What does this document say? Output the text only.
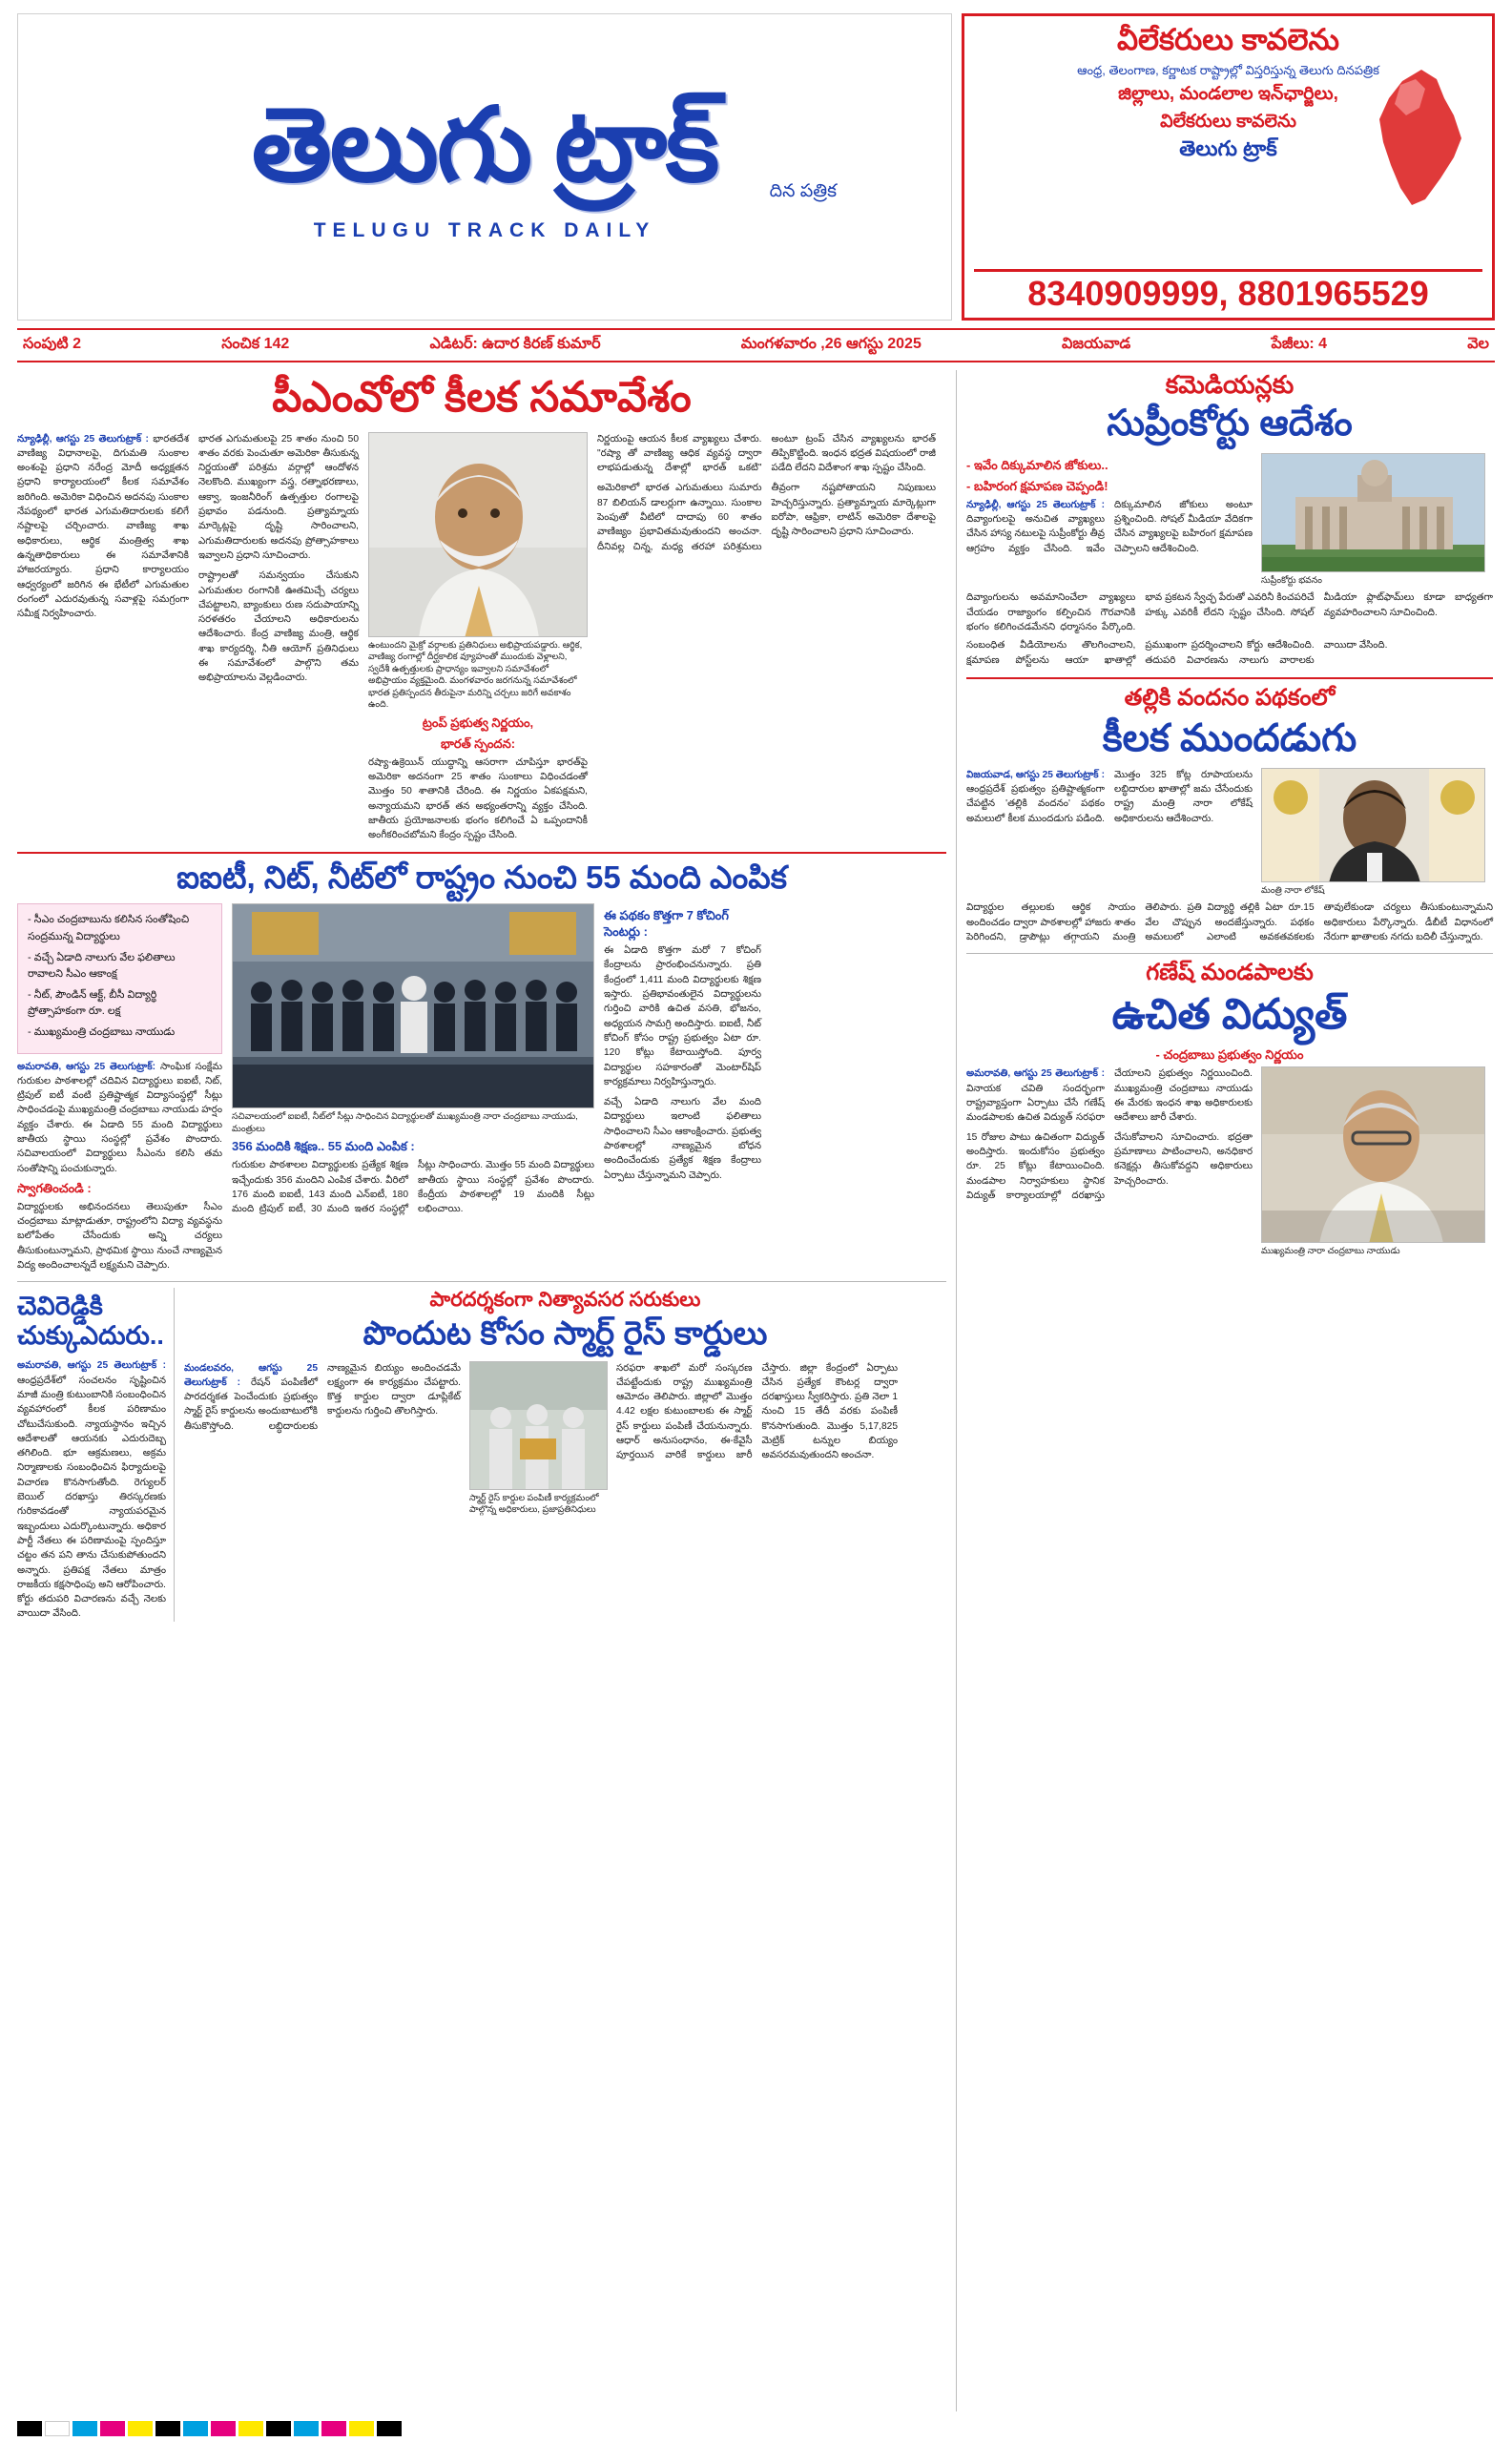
తెలుగు ట్రాక్	దిన పత్రిక
TELUGU TRACK DAILY
వీలేకరులు కావలెను
ఆంధ్ర, తెలంగాణ, కర్ణాటక రాష్ట్రాల్లో విస్తరిస్తున్న తెలుగు దినపత్రిక
జిల్లాలు, మండలాల ఇన్‌ఛార్జిలు,
విలేకరులు కావలెను
తెలుగు ట్రాక్
8340909999, 8801965529
సంపుటి 2	సంచిక 142	ఎడిటర్: ఉదార కిరణ్ కుమార్	మంగళవారం ,26 ఆగస్టు 2025	విజయవాడ	పేజీలు: 4	వెల
పీఎంవోలో కీలక సమావేశం
న్యూఢిల్లీ, ఆగస్టు 25 తెలుగుట్రాక్ : భారతదేశ వాణిజ్య విధానాలపై, దిగుమతి సుంకాల అంశంపై ప్రధాని నరేంద్ర మోదీ అధ్యక్షతన ప్రధాని కార్యాలయంలో కీలక సమావేశం జరిగింది. అమెరికా విధించిన అదనపు సుంకాల నేపథ్యంలో భారత ఎగుమతిదారులకు కలిగే నష్టాలపై చర్చించారు. వాణిజ్య శాఖ అధికారులు, ఆర్థిక మంత్రిత్వ శాఖ ఉన్నతాధికారులు ఈ సమావేశానికి హాజరయ్యారు. ప్రధాని కార్యాలయం ఆధ్వర్యంలో జరిగిన ఈ భేటీలో ఎగుమతుల రంగంలో ఎదురవుతున్న సవాళ్లపై సమగ్రంగా సమీక్ష నిర్వహించారు.
భారత ఎగుమతులపై 25 శాతం నుంచి 50 శాతం వరకు పెంచుతూ అమెరికా తీసుకున్న నిర్ణయంతో పరిశ్రమ వర్గాల్లో ఆందోళన నెలకొంది. ముఖ్యంగా వస్త్ర, రత్నాభరణాలు, ఆక్వా, ఇంజనీరింగ్ ఉత్పత్తుల రంగాలపై ప్రభావం పడనుంది. ప్రత్యామ్నాయ మార్కెట్లపై దృష్టి సారించాలని, ఎగుమతిదారులకు అదనపు ప్రోత్సాహకాలు ఇవ్వాలని ప్రధాని సూచించారు.
రాష్ట్రాలతో సమన్వయం చేసుకుని ఎగుమతుల రంగానికి ఊతమిచ్చే చర్యలు చేపట్టాలని, బ్యాంకులు రుణ సదుపాయాన్ని సరళతరం చేయాలని అధికారులను ఆదేశించారు. కేంద్ర వాణిజ్య మంత్రి, ఆర్థిక శాఖ కార్యదర్శి, నీతి ఆయోగ్ ప్రతినిధులు ఈ సమావేశంలో పాల్గొని తమ అభిప్రాయాలను వెల్లడించారు.
ఉంటుందని మైక్రో వర్గాలకు ప్రతినిధులు అభిప్రాయపడ్డారు. ఆర్థిక, వాణిజ్య రంగాల్లో దీర్ఘకాలిక వ్యూహంతో ముందుకు వెళ్లాలని, స్వదేశీ ఉత్పత్తులకు ప్రాధాన్యం ఇవ్వాలని సమావేశంలో అభిప్రాయం వ్యక్తమైంది. మంగళవారం జరగనున్న సమావేశంలో భారత ప్రతిస్పందన తీరుపైనా మరిన్ని చర్చలు జరిగే అవకాశం ఉంది.
ట్రంప్ ప్రభుత్వ నిర్ణయం,
భారత్ స్పందన:
రష్యా-ఉక్రెయిన్ యుద్ధాన్ని ఆసరాగా చూపిస్తూ భారత్‌పై అమెరికా అదనంగా 25 శాతం సుంకాలు విధించడంతో మొత్తం 50 శాతానికి చేరింది. ఈ నిర్ణయం ఏకపక్షమని, అన్యాయమని భారత్ తన అభ్యంతరాన్ని వ్యక్తం చేసింది. జాతీయ ప్రయోజనాలకు భంగం కలిగించే ఏ ఒప్పందానికీ అంగీకరించబోమని కేంద్రం స్పష్టం చేసింది.
నిర్ణయంపై ఆయన కీలక వ్యాఖ్యలు చేశారు. "రష్యా తో వాణిజ్య ఆధిక వ్యవస్థ ద్వారా లాభపడుతున్న దేశాల్లో భారత్ ఒకటి" అంటూ ట్రంప్ చేసిన వ్యాఖ్యలను భారత్ తిప్పికొట్టింది. ఇంధన భద్రత విషయంలో రాజీ పడేది లేదని విదేశాంగ శాఖ స్పష్టం చేసింది.
అమెరికాలో భారత ఎగుమతులు సుమారు 87 బిలియన్ డాలర్లుగా ఉన్నాయి. సుంకాల పెంపుతో వీటిలో దాదాపు 60 శాతం వాణిజ్యం ప్రభావితమవుతుందని అంచనా. దీనివల్ల చిన్న, మధ్య తరహా పరిశ్రమలు తీవ్రంగా నష్టపోతాయని నిపుణులు హెచ్చరిస్తున్నారు. ప్రత్యామ్నాయ మార్కెట్లుగా ఐరోపా, ఆఫ్రికా, లాటిన్ అమెరికా దేశాలపై దృష్టి సారించాలని ప్రధాని సూచించారు.
ఐఐటీ, నిట్, నీట్‌లో రాష్ట్రం నుంచి 55 మంది ఎంపిక
- సీఎం చంద్రబాబును కలిసిన సంతోషించి సంద్రమున్న విద్యార్థులు
- వచ్చే ఏడాది నాలుగు వేల ఫలితాలు రావాలని సీఎం ఆకాంక్ష
- నీట్, పౌండిన్ ఆక్ట్, బీసీ విద్యార్థి ప్రోత్సాహకంగా రూ. లక్ష
- ముఖ్యమంత్రి చంద్రబాబు నాయుడు
అమరావతి, ఆగస్టు 25 తెలుగుట్రాక్: సాంఘిక సంక్షేమ గురుకుల పాఠశాలల్లో చదివిన విద్యార్థులు ఐఐటీ, నిట్, ట్రిపుల్ ఐటీ వంటి ప్రతిష్టాత్మక విద్యాసంస్థల్లో సీట్లు సాధించడంపై ముఖ్యమంత్రి చంద్రబాబు నాయుడు హర్షం వ్యక్తం చేశారు. ఈ ఏడాది 55 మంది విద్యార్థులు జాతీయ స్థాయి సంస్థల్లో ప్రవేశం పొందారు. సచివాలయంలో విద్యార్థులు సీఎంను కలిసి తమ సంతోషాన్ని పంచుకున్నారు.
స్వాగతించండి :
విద్యార్థులకు అభినందనలు తెలుపుతూ సీఎం చంద్రబాబు మాట్లాడుతూ, రాష్ట్రంలోని విద్యా వ్యవస్థను బలోపేతం చేసేందుకు అన్ని చర్యలు తీసుకుంటున్నామని, ప్రాథమిక స్థాయి నుంచే నాణ్యమైన విద్య అందించాలన్నదే లక్ష్యమని చెప్పారు.
సచివాలయంలో ఐఐటీ, నీట్‌లో సీట్లు సాధించిన విద్యార్థులతో ముఖ్యమంత్రి నారా చంద్రబాబు నాయుడు, మంత్రులు
356 మందికి శిక్షణ.. 55 మంది ఎంపిక :
గురుకుల పాఠశాలల విద్యార్థులకు ప్రత్యేక శిక్షణ ఇచ్చేందుకు 356 మందిని ఎంపిక చేశారు. వీరిలో 176 మంది ఐఐటీ, 143 మంది ఎన్ఐటీ, 180 మంది ట్రిపుల్ ఐటీ, 30 మంది ఇతర సంస్థల్లో సీట్లు సాధించారు. మొత్తం 55 మంది విద్యార్థులు జాతీయ స్థాయి సంస్థల్లో ప్రవేశం పొందారు. కేంద్రీయ పాఠశాలల్లో 19 మందికి సీట్లు లభించాయి.
ఈ పథకం కొత్తగా 7 కోచింగ్ సెంటర్లు :
ఈ ఏడాది కొత్తగా మరో 7 కోచింగ్ కేంద్రాలను ప్రారంభించనున్నారు. ప్రతి కేంద్రంలో 1,411 మంది విద్యార్థులకు శిక్షణ ఇస్తారు. ప్రతిభావంతులైన విద్యార్థులను గుర్తించి వారికి ఉచిత వసతి, భోజనం, అధ్యయన సామగ్రి అందిస్తారు. ఐఐటీ, నీట్ కోచింగ్ కోసం రాష్ట్ర ప్రభుత్వం ఏటా రూ. 120 కోట్లు కేటాయిస్తోంది. పూర్వ విద్యార్థుల సహకారంతో మెంటార్‌షిప్ కార్యక్రమాలు నిర్వహిస్తున్నారు.
వచ్చే ఏడాది నాలుగు వేల మంది విద్యార్థులు ఇలాంటి ఫలితాలు సాధించాలని సీఎం ఆకాంక్షించారు. ప్రభుత్వ పాఠశాలల్లో నాణ్యమైన బోధన అందించేందుకు ప్రత్యేక శిక్షణ కేంద్రాలు ఏర్పాటు చేస్తున్నామని చెప్పారు.
చెవిరెడ్డికి చుక్కుఎదురు..
అమరావతి, ఆగస్టు 25 తెలుగుట్రాక్ : ఆంధ్రప్రదేశ్‌లో సంచలనం సృష్టించిన మాజీ మంత్రి కుటుంబానికి సంబంధించిన వ్యవహారంలో కీలక పరిణామం చోటుచేసుకుంది. న్యాయస్థానం ఇచ్చిన ఆదేశాలతో ఆయనకు ఎదురుదెబ్బ తగిలింది. భూ ఆక్రమణలు, అక్రమ నిర్మాణాలకు సంబంధించిన ఫిర్యాదులపై విచారణ కొనసాగుతోంది. రెగ్యులర్ బెయిల్ దరఖాస్తు తిరస్కరణకు గురికావడంతో న్యాయపరమైన ఇబ్బందులు ఎదుర్కొంటున్నారు. అధికార పార్టీ నేతలు ఈ పరిణామంపై స్పందిస్తూ చట్టం తన పని తాను చేసుకుపోతుందని అన్నారు. ప్రతిపక్ష నేతలు మాత్రం రాజకీయ కక్షసాధింపు అని ఆరోపించారు. కోర్టు తదుపరి విచారణను వచ్చే నెలకు వాయిదా వేసింది.
పారదర్శకంగా నిత్యావసర సరుకులు
పొందుట కోసం స్మార్ట్ రైస్ కార్డులు
మండలవరం, ఆగస్టు 25 తెలుగుట్రాక్ : రేషన్ పంపిణీలో పారదర్శకత పెంచేందుకు ప్రభుత్వం స్మార్ట్ రైస్ కార్డులను అందుబాటులోకి తీసుకొస్తోంది. లబ్ధిదారులకు నాణ్యమైన బియ్యం అందించడమే లక్ష్యంగా ఈ కార్యక్రమం చేపట్టారు. కొత్త కార్డుల ద్వారా డూప్లికేట్ కార్డులను గుర్తించి తొలగిస్తారు.
స్మార్ట్ రైస్ కార్డుల పంపిణీ కార్యక్రమంలో పాల్గొన్న అధికారులు, ప్రజాప్రతినిధులు
సరఫరా శాఖలో మరో సంస్కరణ చేపట్టేందుకు రాష్ట్ర ముఖ్యమంత్రి ఆమోదం తెలిపారు. జిల్లాలో మొత్తం 4.42 లక్షల కుటుంబాలకు ఈ స్మార్ట్ రైస్ కార్డులు పంపిణీ చేయనున్నారు. ఆధార్ అనుసంధానం, ఈ-కేవైసీ పూర్తయిన వారికే కార్డులు జారీ చేస్తారు. జిల్లా కేంద్రంలో ఏర్పాటు చేసిన ప్రత్యేక కౌంటర్ల ద్వారా దరఖాస్తులు స్వీకరిస్తారు. ప్రతి నెలా 1 నుంచి 15 తేదీ వరకు పంపిణీ కొనసాగుతుంది. మొత్తం 5,17,825 మెట్రిక్ టన్నుల బియ్యం అవసరమవుతుందని అంచనా.
కమెడియన్లకు
సుప్రీంకోర్టు ఆదేశం
- ఇవేం దిక్కుమాలిన జోకులు..
- బహిరంగ క్షమాపణ చెప్పండి!
న్యూఢిల్లీ, ఆగస్టు 25 తెలుగుట్రాక్ : దివ్యాంగులపై అనుచిత వ్యాఖ్యలు చేసిన హాస్య నటులపై సుప్రీంకోర్టు తీవ్ర ఆగ్రహం వ్యక్తం చేసింది. ఇవేం దిక్కుమాలిన జోకులు అంటూ ప్రశ్నించింది. సోషల్ మీడియా వేదికగా చేసిన వ్యాఖ్యలపై బహిరంగ క్షమాపణ చెప్పాలని ఆదేశించింది.
సుప్రీంకోర్టు భవనం
దివ్యాంగులను అవమానించేలా వ్యాఖ్యలు చేయడం రాజ్యాంగం కల్పించిన గౌరవానికి భంగం కలిగించడమేనని ధర్మాసనం పేర్కొంది. భావ ప్రకటన స్వేచ్ఛ పేరుతో ఎవరినీ కించపరిచే హక్కు ఎవరికీ లేదని స్పష్టం చేసింది. సోషల్ మీడియా ప్లాట్‌ఫామ్‌లు కూడా బాధ్యతగా వ్యవహరించాలని సూచించింది.
సంబంధిత వీడియోలను తొలగించాలని, క్షమాపణ పోస్ట్‌లను ఆయా ఖాతాల్లో ప్రముఖంగా ప్రదర్శించాలని కోర్టు ఆదేశించింది. తదుపరి విచారణను నాలుగు వారాలకు వాయిదా వేసింది.
తల్లికి వందనం పథకంలో
కీలక ముందడుగు
విజయవాడ, ఆగస్టు 25 తెలుగుట్రాక్ : ఆంధ్రప్రదేశ్ ప్రభుత్వం ప్రతిష్టాత్మకంగా చేపట్టిన 'తల్లికి వందనం' పథకం అమలులో కీలక ముందడుగు పడింది. మొత్తం 325 కోట్ల రూపాయలను లబ్ధిదారుల ఖాతాల్లో జమ చేసేందుకు రాష్ట్ర మంత్రి నారా లోకేష్ అధికారులను ఆదేశించారు.
మంత్రి నారా లోకేష్
విద్యార్థుల తల్లులకు ఆర్థిక సాయం అందించడం ద్వారా పాఠశాలల్లో హాజరు శాతం పెరిగిందని, డ్రాపౌట్లు తగ్గాయని మంత్రి తెలిపారు. ప్రతి విద్యార్థి తల్లికి ఏటా రూ.15 వేల చొప్పున అందజేస్తున్నారు. పథకం అమలులో ఎలాంటి అవకతవకలకు తావులేకుండా చర్యలు తీసుకుంటున్నామని అధికారులు పేర్కొన్నారు. డీబీటీ విధానంలో నేరుగా ఖాతాలకు నగదు బదిలీ చేస్తున్నారు.
గణేష్ మండపాలకు
ఉచిత విద్యుత్
- చంద్రబాబు ప్రభుత్వం నిర్ణయం
అమరావతి, ఆగస్టు 25 తెలుగుట్రాక్ : వినాయక చవితి సందర్భంగా రాష్ట్రవ్యాప్తంగా ఏర్పాటు చేసే గణేష్ మండపాలకు ఉచిత విద్యుత్ సరఫరా చేయాలని ప్రభుత్వం నిర్ణయించింది. ముఖ్యమంత్రి చంద్రబాబు నాయుడు ఈ మేరకు ఇంధన శాఖ అధికారులకు ఆదేశాలు జారీ చేశారు.
15 రోజుల పాటు ఉచితంగా విద్యుత్ అందిస్తారు. ఇందుకోసం ప్రభుత్వం రూ. 25 కోట్లు కేటాయించింది. మండపాల నిర్వాహకులు స్థానిక విద్యుత్ కార్యాలయాల్లో దరఖాస్తు చేసుకోవాలని సూచించారు. భద్రతా ప్రమాణాలు పాటించాలని, అనధికార కనెక్షన్లు తీసుకోవద్దని అధికారులు హెచ్చరించారు.
ముఖ్యమంత్రి నారా చంద్రబాబు నాయుడు
